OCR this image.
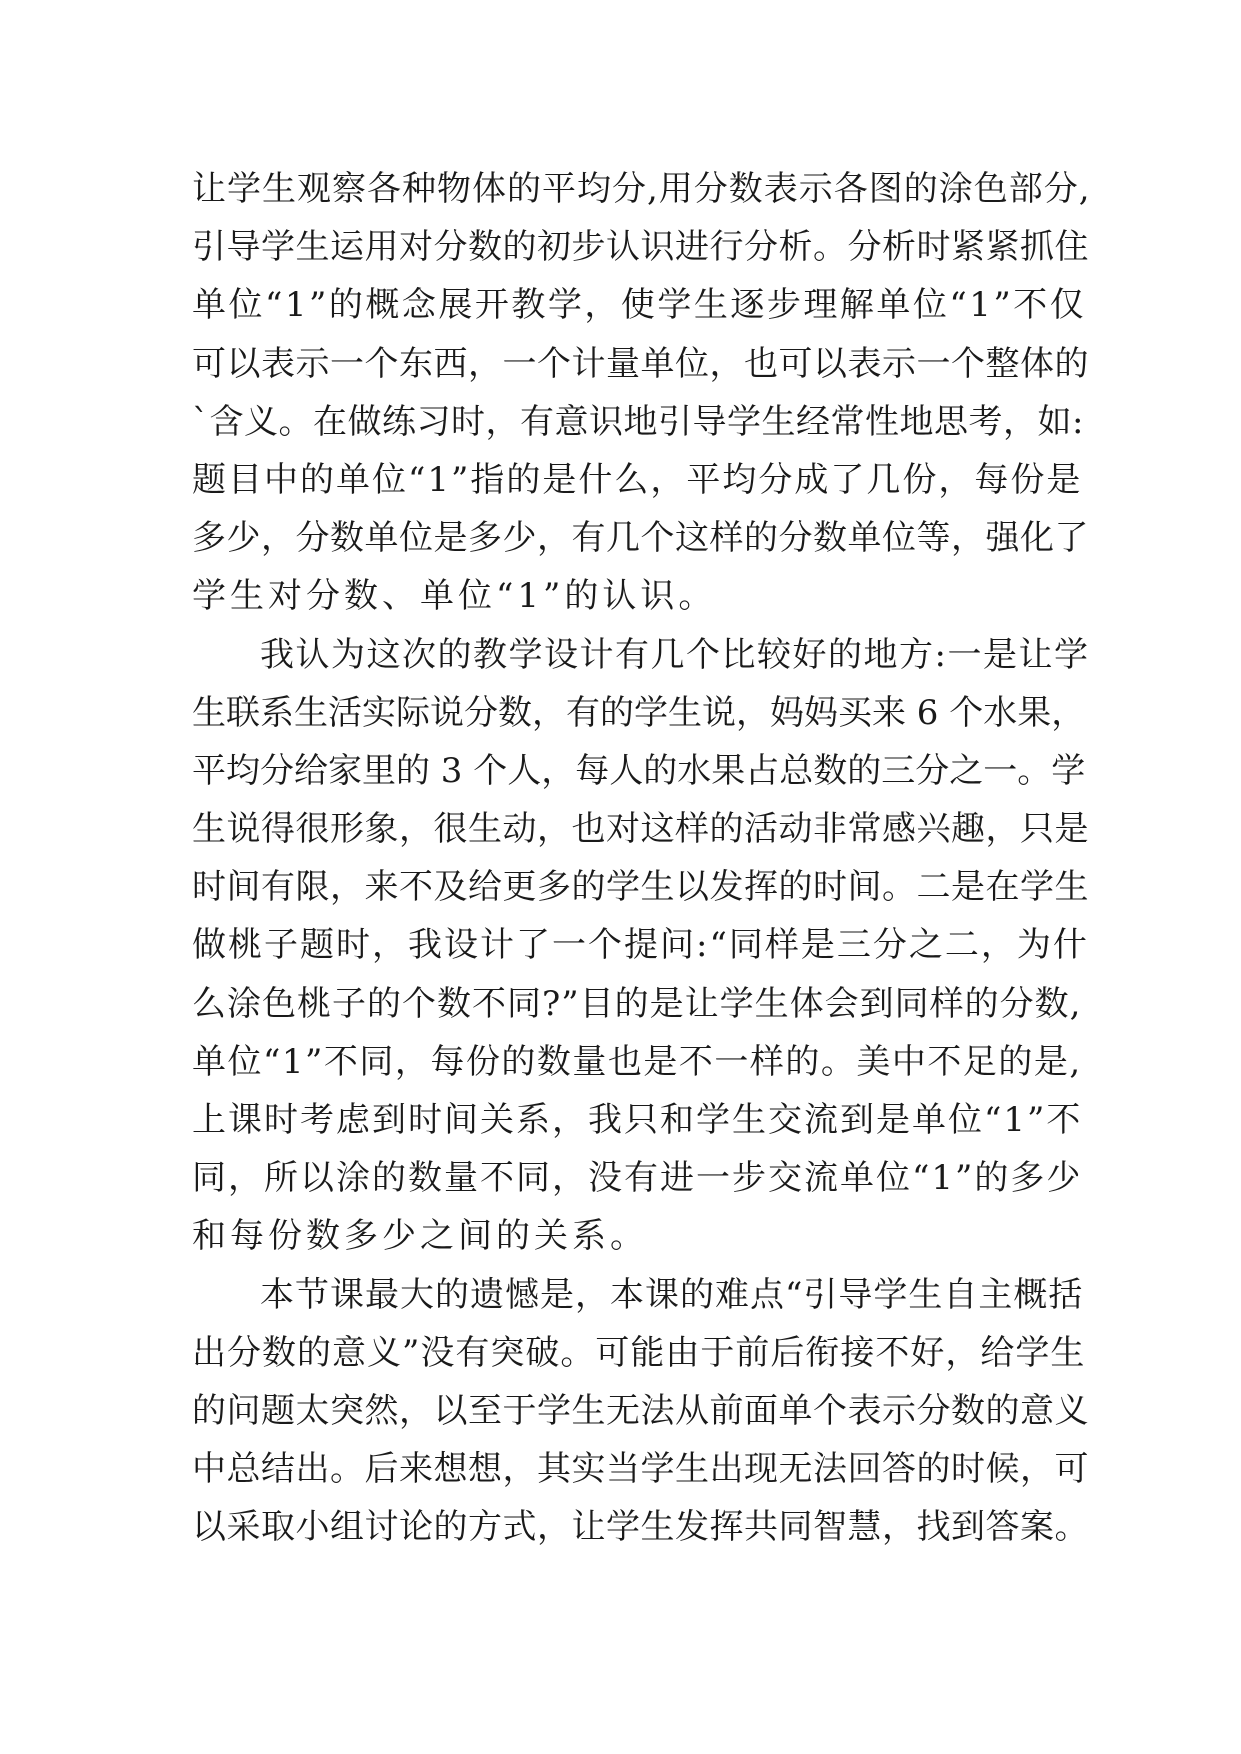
让学生观察各种物体的平均分,用分数表示各图的涂色部分,
引导学生运用对分数的初步认识进行分析。分析时紧紧抓住
单位“1”的概念展开教学，使学生逐步理解单位“1”不仅
可以表示一个东西，一个计量单位，也可以表示一个整体的
`含义。在做练习时，有意识地引导学生经常性地思考，如:
题目中的单位“1”指的是什么，平均分成了几份，每份是
多少，分数单位是多少，有几个这样的分数单位等，强化了
学生对分数、单位“1”的认识。
我认为这次的教学设计有几个比较好的地方:一是让学
生联系生活实际说分数，有的学生说，妈妈买来 6 个水果，
平均分给家里的 3 个人，每人的水果占总数的三分之一。学
生说得很形象，很生动，也对这样的活动非常感兴趣，只是
时间有限，来不及给更多的学生以发挥的时间。二是在学生
做桃子题时，我设计了一个提问:“同样是三分之二，为什
么涂色桃子的个数不同?”目的是让学生体会到同样的分数,
单位“1”不同，每份的数量也是不一样的。美中不足的是,
上课时考虑到时间关系，我只和学生交流到是单位“1”不
同，所以涂的数量不同，没有进一步交流单位“1”的多少
和每份数多少之间的关系。
本节课最大的遗憾是，本课的难点“引导学生自主概括
出分数的意义”没有突破。可能由于前后衔接不好，给学生
的问题太突然，以至于学生无法从前面单个表示分数的意义
中总结出。后来想想，其实当学生出现无法回答的时候，可
以采取小组讨论的方式，让学生发挥共同智慧，找到答案。
